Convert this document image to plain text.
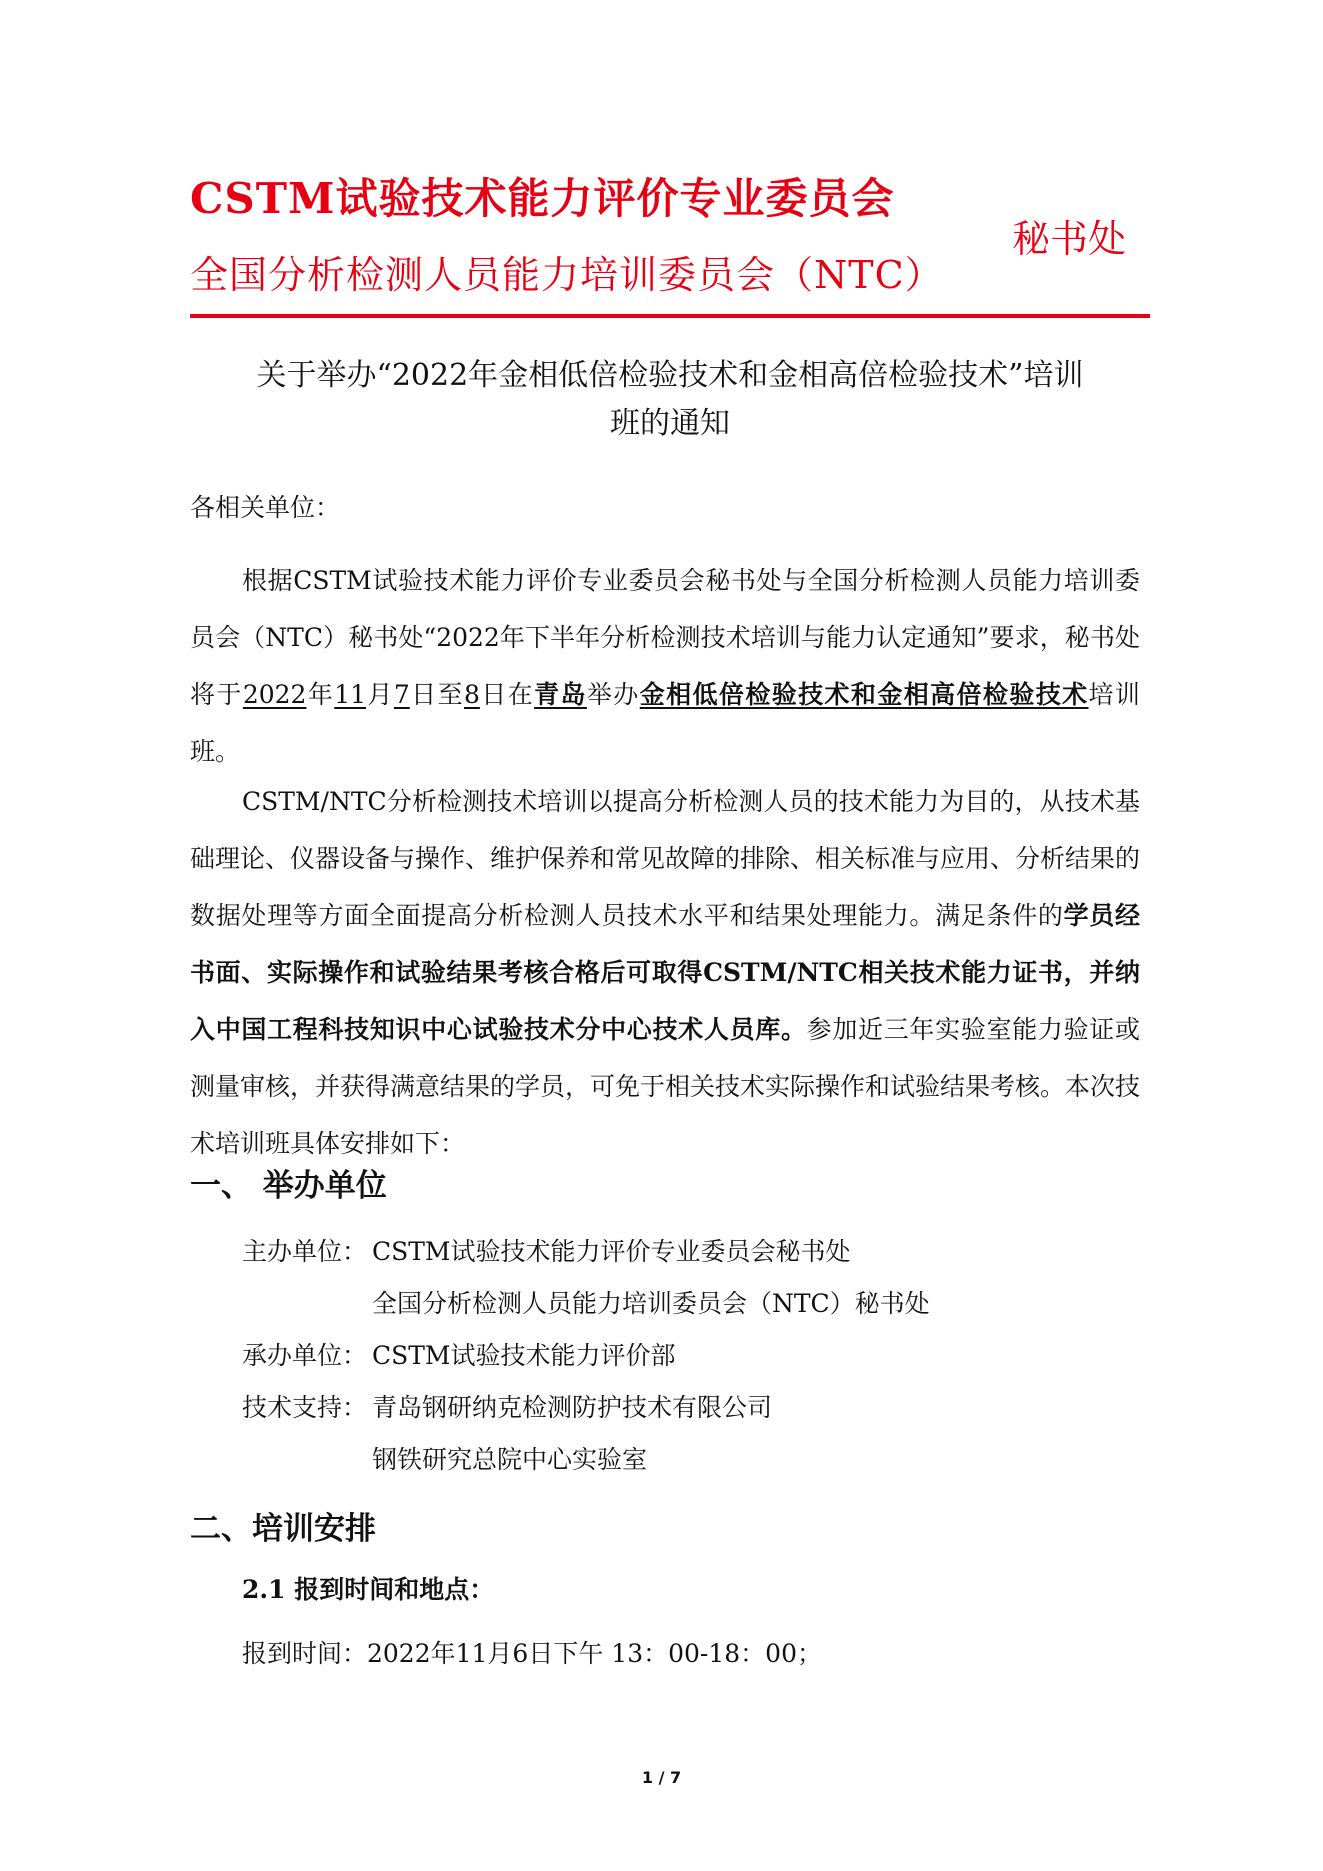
CSTM试验技术能力评价专业委员会
全国分析检测人员能力培训委员会（NTC）
秘书处
关于举办“2022年金相低倍检验技术和金相高倍检验技术”培训
班的通知
各相关单位：
根据CSTM试验技术能力评价专业委员会秘书处与全国分析检测人员能力培训委员会（NTC）秘书处“2022年下半年分析检测技术培训与能力认定通知”要求，秘书处将于2022年11月7日至8日在青岛举办金相低倍检验技术和金相高倍检验技术培训班。
CSTM/NTC分析检测技术培训以提高分析检测人员的技术能力为目的，从技术基础理论、仪器设备与操作、维护保养和常见故障的排除、相关标准与应用、分析结果的数据处理等方面全面提高分析检测人员技术水平和结果处理能力。满足条件的学员经书面、实际操作和试验结果考核合格后可取得CSTM/NTC相关技术能力证书，并纳入中国工程科技知识中心试验技术分中心技术人员库。参加近三年实验室能力验证或测量审核，并获得满意结果的学员，可免于相关技术实际操作和试验结果考核。本次技术培训班具体安排如下：
一、 举办单位
主办单位： CSTM试验技术能力评价专业委员会秘书处
全国分析检测人员能力培训委员会（NTC）秘书处
承办单位： CSTM试验技术能力评价部
技术支持： 青岛钢研纳克检测防护技术有限公司
钢铁研究总院中心实验室
二、培训安排
2.1 报到时间和地点：
报到时间：2022年11月6日下午 13：00-18：00；
1 / 7
